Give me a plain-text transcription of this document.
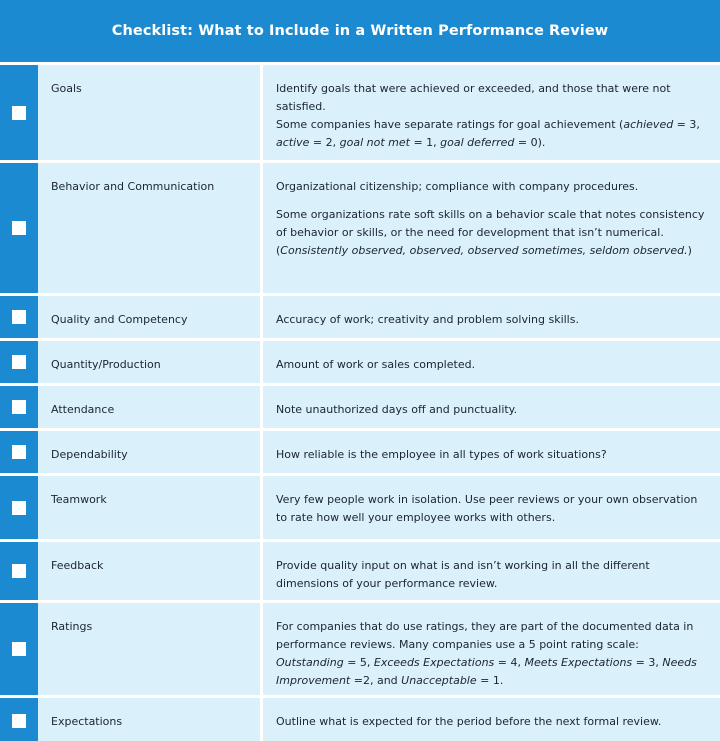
Checklist: What to Include in a Written Performance Review
Goals	Identify goals that were achieved or exceeded, and those that were not satisfied.

Some companies have separate ratings for goal achievement (achieved = 3, active = 2, goal not met = 1, goal deferred = 0).

Behavior and Communication	Organizational citizenship; compliance with company procedures.

Some organizations rate soft skills on a behavior scale that notes consistency of behavior or skills, or the need for development that isn’t numerical. (Consistently observed, observed, observed sometimes, seldom observed.)

Quality and Competency	Accuracy of work; creativity and problem solving skills.

Quantity/Production	Amount of work or sales completed.

Attendance	Note unauthorized days off and punctuality.

Dependability	How reliable is the employee in all types of work situations?

Teamwork	Very few people work in isolation. Use peer reviews or your own observation to rate how well your employee works with others.

Feedback	Provide quality input on what is and isn’t working in all the different dimensions of your performance review.

Ratings	For companies that do use ratings, they are part of the documented data in performance reviews. Many companies use a 5 point rating scale: Outstanding = 5, Exceeds Expectations = 4, Meets Expectations = 3, Needs Improvement =2, and Unacceptable = 1.

Expectations	Outline what is expected for the period before the next formal review.
